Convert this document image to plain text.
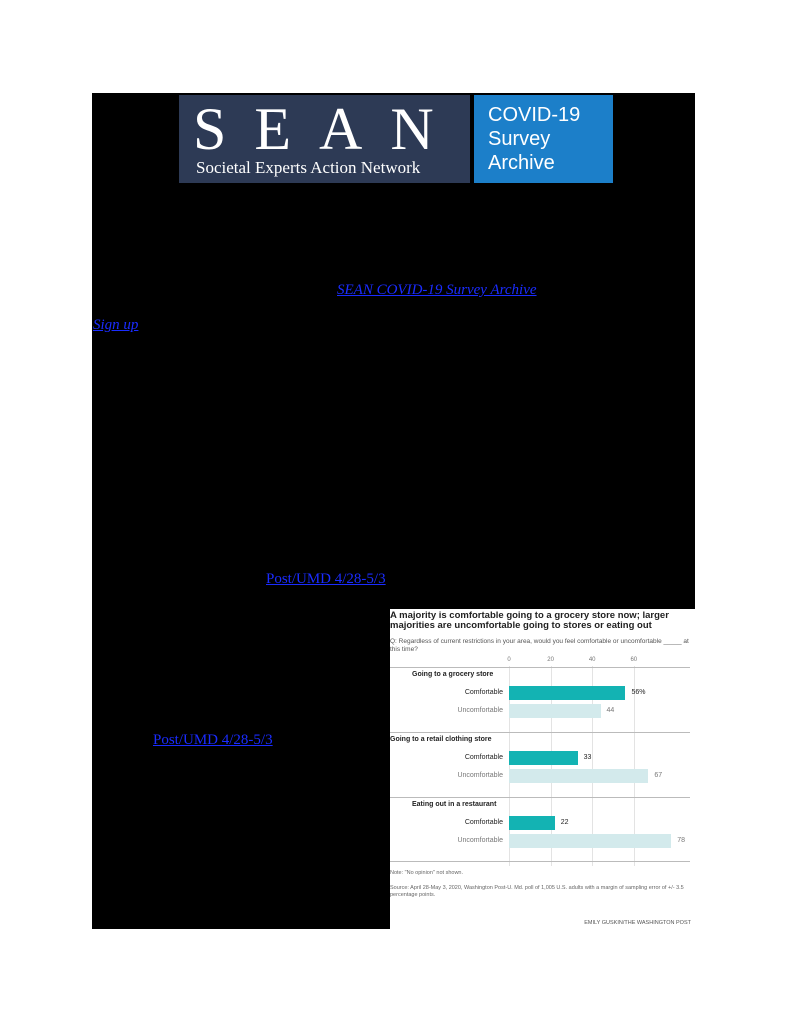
SEAN
Societal Experts Action Network
COVID-19
Survey
Archive
SEAN COVID-19 Survey Archive
Sign up
Post/UMD 4/28-5/3
Post/UMD 4/28-5/3
A majority is comfortable going to a grocery store now; larger majorities are uncomfortable going to stores or eating out
Q: Regardless of current restrictions in your area, would you feel comfortable or uncomfortable _____ at this time?
Note: "No opinion" not shown.
Source: April 28-May 3, 2020, Washington Post-U. Md. poll of 1,005 U.S. adults with a margin of sampling error of +/- 3.5 percentage points.
EMILY GUSKIN/THE WASHINGTON POST
0	20	40	60
Going to a grocery store
Comfortable	56%
Uncomfortable	44
Going to a retail clothing store
Comfortable	33
Uncomfortable	67
Eating out in a restaurant
Comfortable	22
Uncomfortable	78
